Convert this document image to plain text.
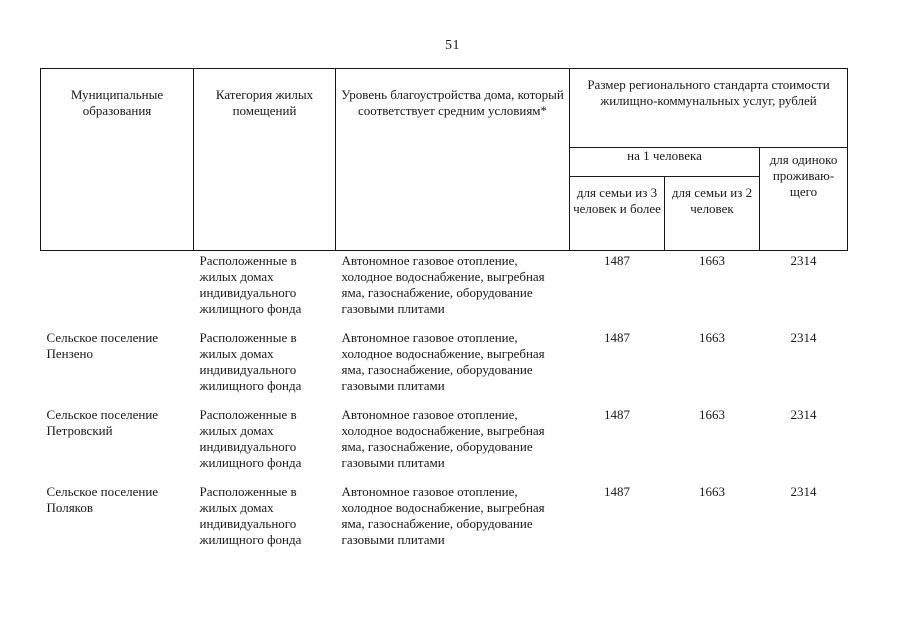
51
Муниципальные образования	Категория жилых помещений	Уровень благоустройства дома, который соответствует средним условиям*	Размер регионального стандарта стоимости жилищно-коммунальных услуг, рублей		
			на 1 человека		для одиноко проживаю-щего
			для семьи из 3 человек и более	для семьи из 2 человек	
	Расположенные в жилых домах индивидуального жилищного фонда	Автономное газовое отопление, холодное водоснабжение, выгребная яма, газоснабжение, оборудование газовыми плитами	1487	1663	2314
Сельское поселение Пензено	Расположенные в жилых домах индивидуального жилищного фонда	Автономное газовое отопление, холодное водоснабжение, выгребная яма, газоснабжение, оборудование газовыми плитами	1487	1663	2314
Сельское поселение Петровский	Расположенные в жилых домах индивидуального жилищного фонда	Автономное газовое отопление, холодное водоснабжение, выгребная яма, газоснабжение, оборудование газовыми плитами	1487	1663	2314
Сельское поселение Поляков	Расположенные в жилых домах индивидуального жилищного фонда	Автономное газовое отопление, холодное водоснабжение, выгребная яма, газоснабжение, оборудование газовыми плитами	1487	1663	2314
